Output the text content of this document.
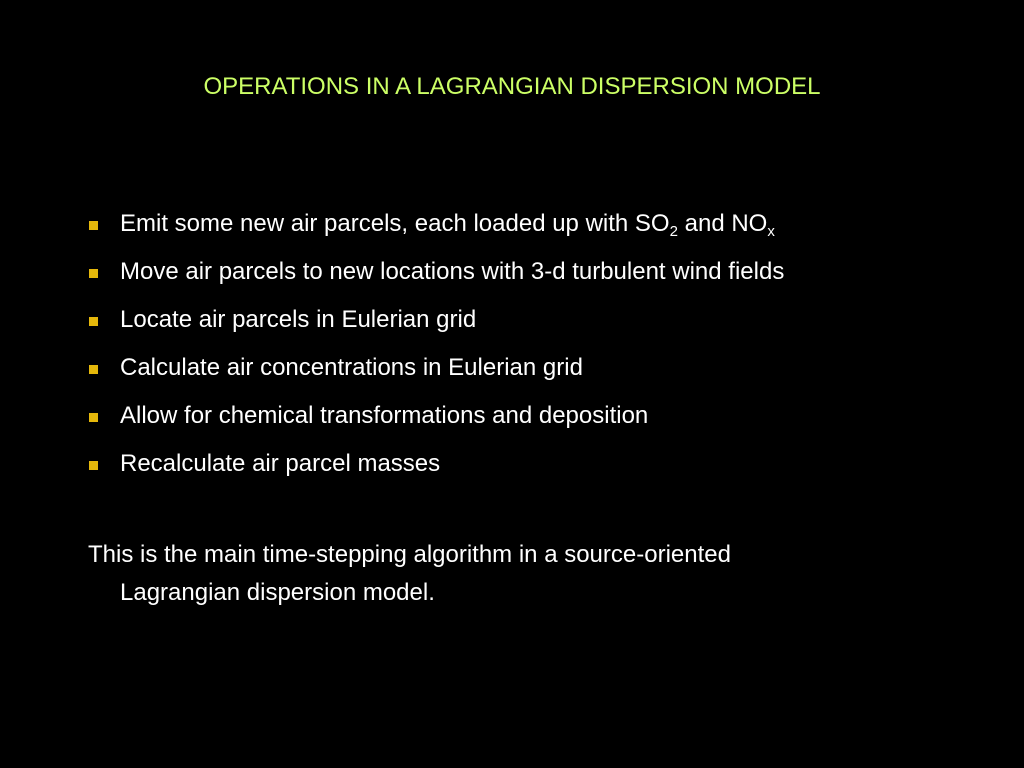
OPERATIONS IN A LAGRANGIAN DISPERSION MODEL
Emit some new air parcels, each loaded up with $SO_2$ and $NO_x$
Move air parcels to new locations with 3-d turbulent wind fields
Locate air parcels in Eulerian grid
Calculate air concentrations in Eulerian grid
Allow for chemical transformations and deposition
Recalculate air parcel masses
This is the main time-stepping algorithm in a source-oriented
Lagrangian dispersion model.
